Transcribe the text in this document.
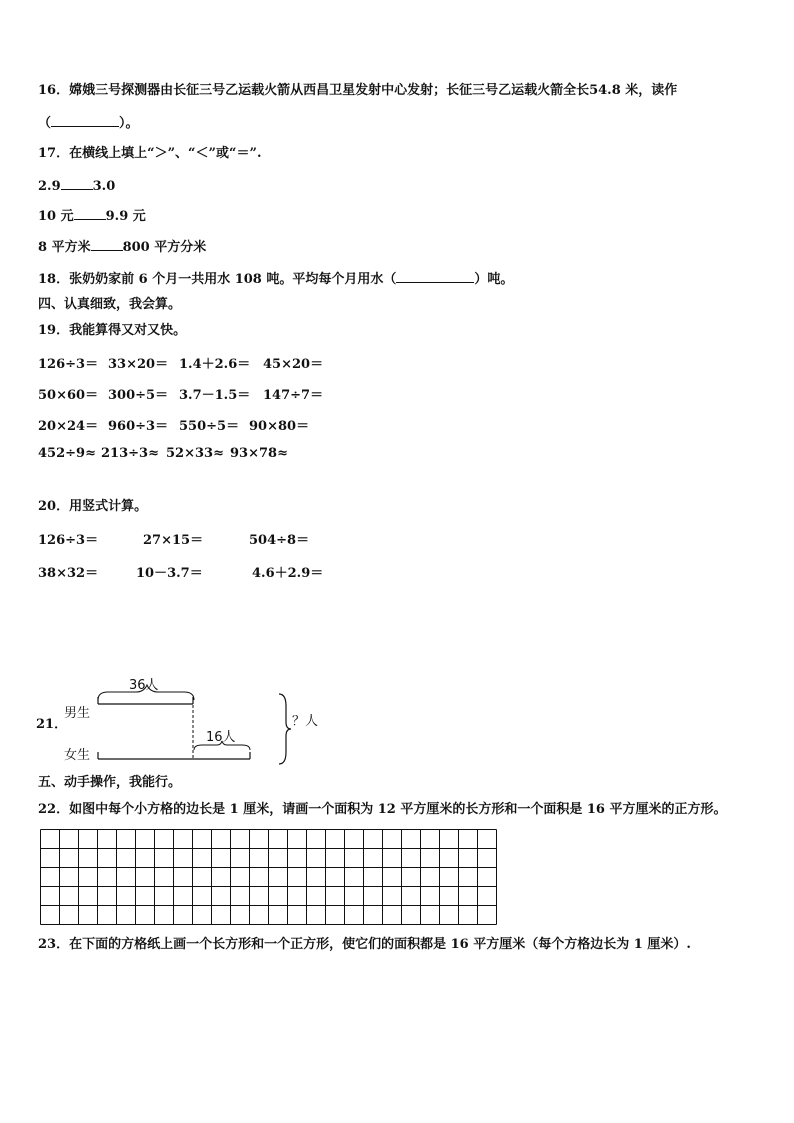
16．嫦娥三号探测器由长征三号乙运载火箭从西昌卫星发射中心发射；长征三号乙运载火箭全长54.8 米，读作
（	）。
17．在横线上填上“＞”、“＜”或“＝”.
2.9 3.0
10 元 9.9 元
8 平方米 800 平方分米
18．张奶奶家前 6 个月一共用水 108 吨。平均每个月用水（	）吨。
四、认真细致，我会算。
19．我能算得又对又快。
126÷3＝ 33×20＝ 1.4＋2.6＝ 45×20＝
50×60＝ 300÷5＝ 3.7－1.5＝ 147÷7＝
20×24＝ 960÷3＝ 550÷5＝ 90×80＝
452÷9≈ 213÷3≈ 52×33≈ 93×78≈
20．用竖式计算。
126÷3＝	27×15＝	504÷8＝
38×32＝	10－3.7＝	4.6＋2.9＝
36人
男生
21．
16人
女生
？人
五、动手操作，我能行。
22．如图中每个小方格的边长是 1 厘米，请画一个面积为 12 平方厘米的长方形和一个面积是 16 平方厘米的正方形。
23．在下面的方格纸上画一个长方形和一个正方形，使它们的面积都是 16 平方厘米（每个方格边长为 1 厘米）.
